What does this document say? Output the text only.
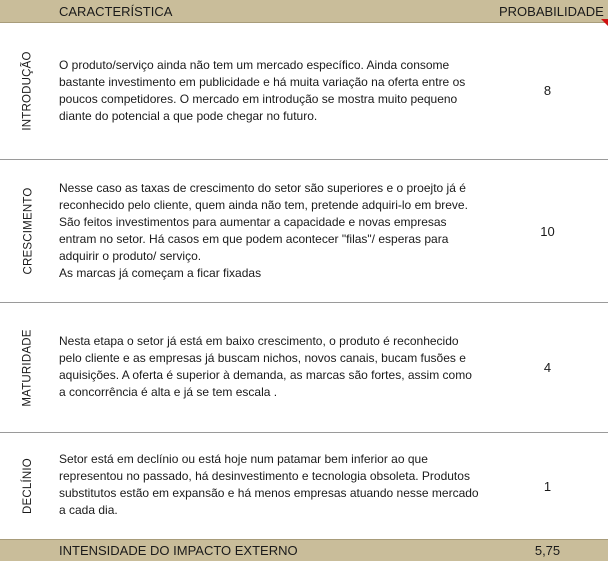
CARACTERÍSTICA	PROBABILIDADE
INTRODUÇÃO O produto/serviço ainda não tem um mercado específico. Ainda consome
bastante investimento em publicidade e há muita variação na oferta entre os
poucos competidores. O mercado em introdução se mostra muito pequeno
diante do potencial a que pode chegar no futuro.
8
CRESCIMENTO Nesse caso as taxas de crescimento do setor são superiores e o proejto já é
reconhecido pelo cliente, quem ainda não tem, pretende adquiri-lo em breve.
São feitos investimentos para aumentar a capacidade e novas empresas
entram no setor. Há casos em que podem acontecer "filas"/ esperas para
adquirir o produto/ serviço.
As marcas já começam a ficar fixadas
10
MATURIDADE Nesta etapa o setor já está em baixo crescimento, o produto é reconhecido
pelo cliente e as empresas já buscam nichos, novos canais, bucam fusões e
aquisições. A oferta é superior à demanda, as marcas são fortes, assim como
a concorrência é alta e já se tem escala .
4
DECLÍNIO Setor está em declínio ou está hoje num patamar bem inferior ao que
representou no passado, há desinvestimento e tecnologia obsoleta. Produtos
substitutos estão em expansão e há menos empresas atuando nesse mercado
a cada dia.
1
INTENSIDADE DO IMPACTO EXTERNO	5,75
